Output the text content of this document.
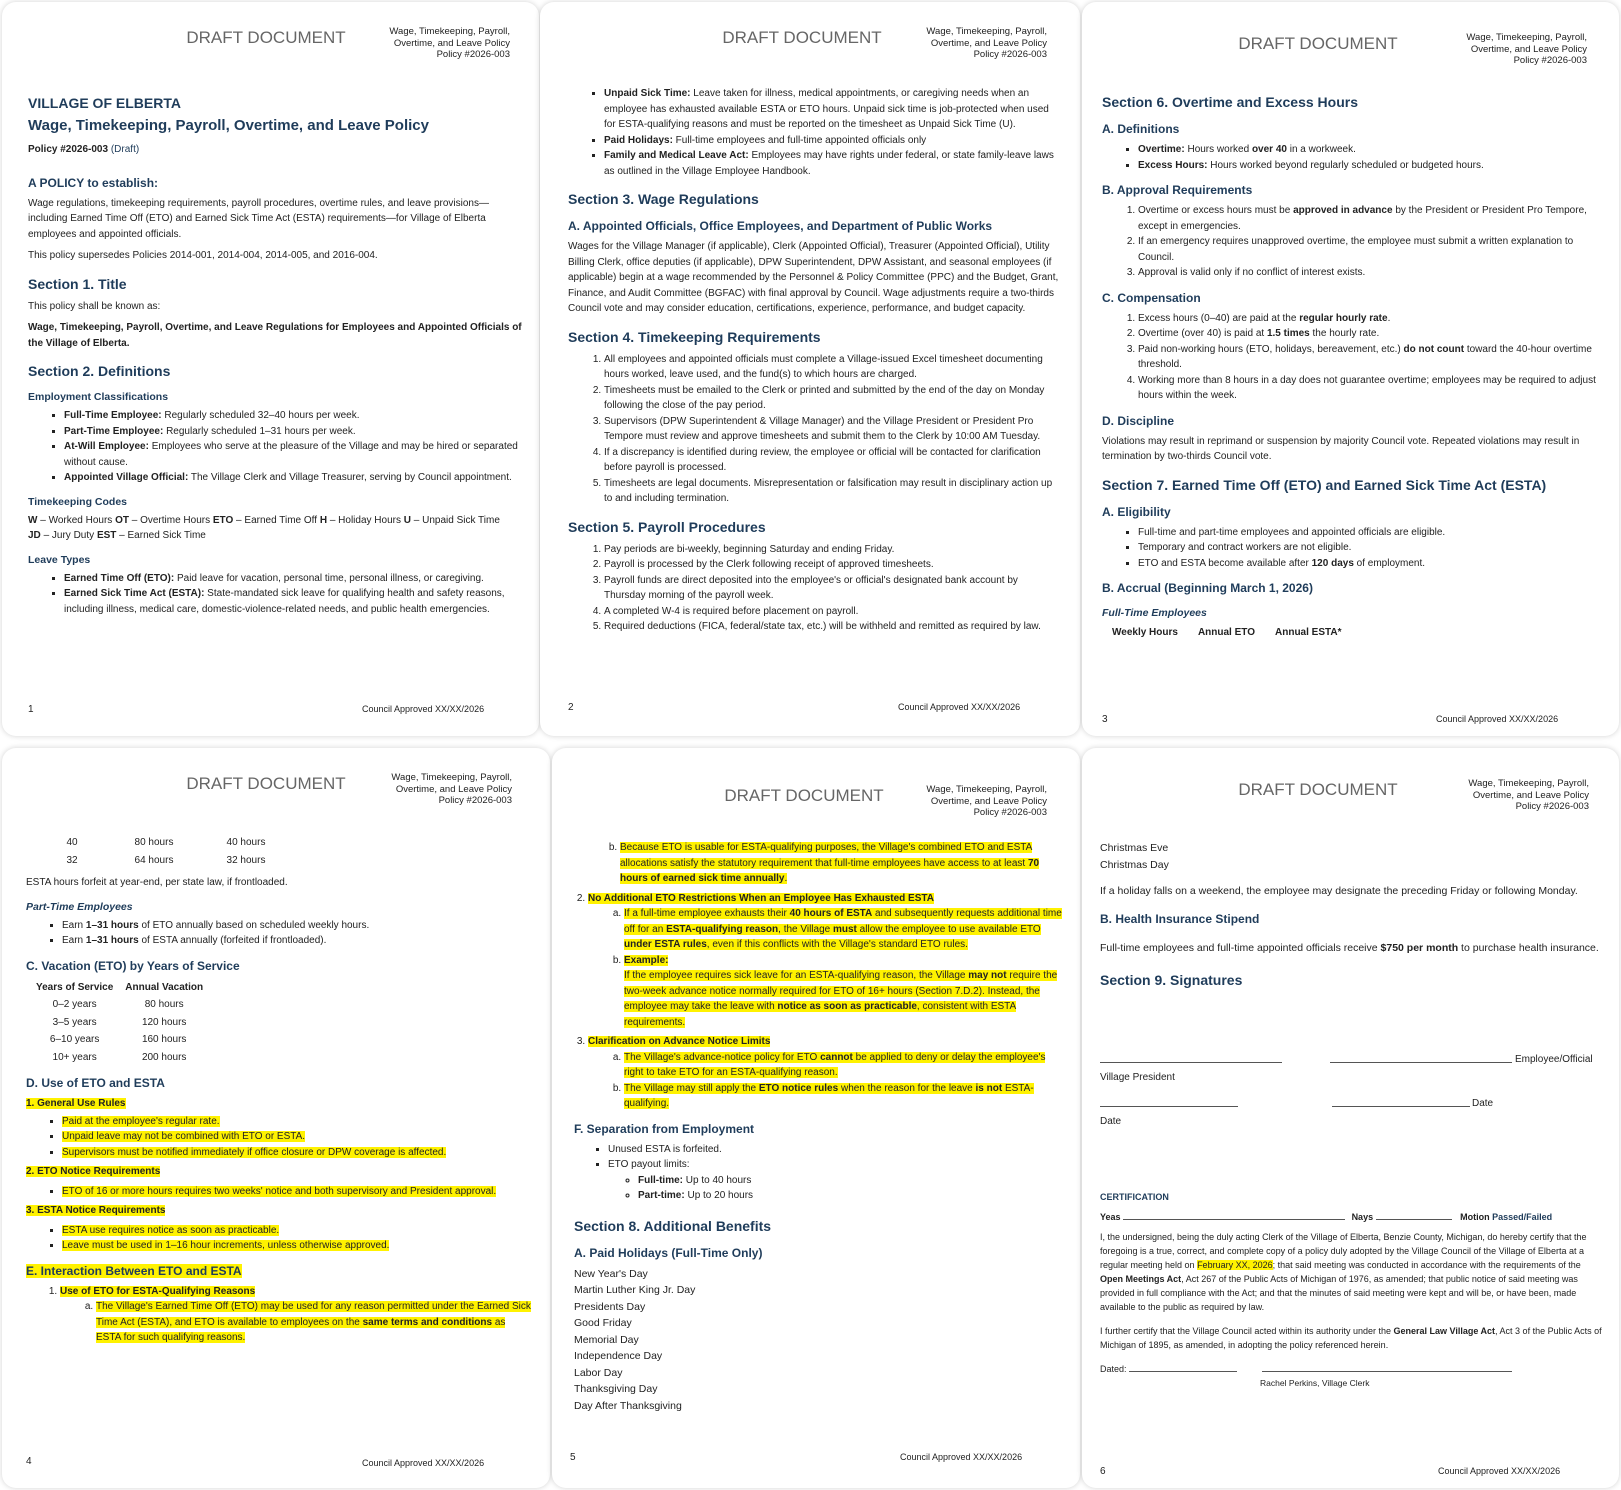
DRAFT DOCUMENT	Wage, Timekeeping, Payroll,
Overtime, and Leave Policy
Policy #2026-003
VILLAGE OF ELBERTA
Wage, Timekeeping, Payroll, Overtime, and Leave Policy

Policy #2026-003 (Draft)

A POLICY to establish:

Wage regulations, timekeeping requirements, payroll procedures, overtime rules, and leave provisions—including Earned Time Off (ETO) and Earned Sick Time Act (ESTA) requirements—for Village of Elberta employees and appointed officials.

This policy supersedes Policies 2014-001, 2014-004, 2014-005, and 2016-004.

Section 1. Title

This policy shall be known as:

Wage, Timekeeping, Payroll, Overtime, and Leave Regulations for Employees and Appointed Officials of the Village of Elberta.

Section 2. Definitions
Employment Classifications
▪ Full-Time Employee: Regularly scheduled 32–40 hours per week.
▪ Part-Time Employee: Regularly scheduled 1–31 hours per week.
▪ At-Will Employee: Employees who serve at the pleasure of the Village and may be hired or separated without cause.
▪ Appointed Village Official: The Village Clerk and Village Treasurer, serving by Council appointment.
Timekeeping Codes

W – Worked Hours OT – Overtime Hours ETO – Earned Time Off H – Holiday Hours U – Unpaid Sick Time
JD – Jury Duty EST – Earned Sick Time

Leave Types
▪ Earned Time Off (ETO): Paid leave for vacation, personal time, personal illness, or caregiving.
▪ Earned Sick Time Act (ESTA): State-mandated sick leave for qualifying health and safety reasons, including illness, medical care, domestic-violence-related needs, and public health emergencies.
1	Council Approved XX/XX/2026
DRAFT DOCUMENT	Wage, Timekeeping, Payroll,
Overtime, and Leave Policy
Policy #2026-003
▪ Unpaid Sick Time: Leave taken for illness, medical appointments, or caregiving needs when an employee has exhausted available ESTA or ETO hours. Unpaid sick time is job-protected when used for ESTA-qualifying reasons and must be reported on the timesheet as Unpaid Sick Time (U).
▪ Paid Holidays: Full-time employees and full-time appointed officials only
▪ Family and Medical Leave Act: Employees may have rights under federal, or state family-leave laws as outlined in the Village Employee Handbook.
Section 3. Wage Regulations
A. Appointed Officials, Office Employees, and Department of Public Works

Wages for the Village Manager (if applicable), Clerk (Appointed Official), Treasurer (Appointed Official), Utility Billing Clerk, office deputies (if applicable), DPW Superintendent, DPW Assistant, and seasonal employees (if applicable) begin at a wage recommended by the Personnel & Policy Committee (PPC) and the Budget, Grant, Finance, and Audit Committee (BGFAC) with final approval by Council. Wage adjustments require a two-thirds Council vote and may consider education, certifications, experience, performance, and budget capacity.

Section 4. Timekeeping Requirements
1. All employees and appointed officials must complete a Village-issued Excel timesheet documenting hours worked, leave used, and the fund(s) to which hours are charged.
2. Timesheets must be emailed to the Clerk or printed and submitted by the end of the day on Monday following the close of the pay period.
3. Supervisors (DPW Superintendent & Village Manager) and the Village President or President Pro Tempore must review and approve timesheets and submit them to the Clerk by 10:00 AM Tuesday.
4. If a discrepancy is identified during review, the employee or official will be contacted for clarification before payroll is processed.
5. Timesheets are legal documents. Misrepresentation or falsification may result in disciplinary action up to and including termination.
Section 5. Payroll Procedures
1. Pay periods are bi-weekly, beginning Saturday and ending Friday.
2. Payroll is processed by the Clerk following receipt of approved timesheets.
3. Payroll funds are direct deposited into the employee's or official's designated bank account by Thursday morning of the payroll week.
4. A completed W-4 is required before placement on payroll.
5. Required deductions (FICA, federal/state tax, etc.) will be withheld and remitted as required by law.
2	Council Approved XX/XX/2026
DRAFT DOCUMENT	Wage, Timekeeping, Payroll,
Overtime, and Leave Policy
Policy #2026-003
Section 6. Overtime and Excess Hours
A. Definitions
▪ Overtime: Hours worked over 40 in a workweek.
▪ Excess Hours: Hours worked beyond regularly scheduled or budgeted hours.
B. Approval Requirements
1. Overtime or excess hours must be approved in advance by the President or President Pro Tempore, except in emergencies.
2. If an emergency requires unapproved overtime, the employee must submit a written explanation to Council.
3. Approval is valid only if no conflict of interest exists.
C. Compensation
1. Excess hours (0–40) are paid at the regular hourly rate.
2. Overtime (over 40) is paid at 1.5 times the hourly rate.
3. Paid non-working hours (ETO, holidays, bereavement, etc.) do not count toward the 40-hour overtime threshold.
4. Working more than 8 hours in a day does not guarantee overtime; employees may be required to adjust hours within the week.
D. Discipline

Violations may result in reprimand or suspension by majority Council vote. Repeated violations may result in termination by two-thirds Council vote.

Section 7. Earned Time Off (ETO) and Earned Sick Time Act (ESTA)
A. Eligibility
▪ Full-time and part-time employees and appointed officials are eligible.
▪ Temporary and contract workers are not eligible.
▪ ETO and ESTA become available after 120 days of employment.
B. Accrual (Beginning March 1, 2026)
Full-Time Employees
Weekly Hours	Annual ETO	Annual ESTA*
3	Council Approved XX/XX/2026
DRAFT DOCUMENT	Wage, Timekeeping, Payroll,
Overtime, and Leave Policy
Policy #2026-003
40	80 hours	40 hours
32	64 hours	32 hours

ESTA hours forfeit at year-end, per state law, if frontloaded.

Part-Time Employees
▪ Earn 1–31 hours of ETO annually based on scheduled weekly hours.
▪ Earn 1–31 hours of ESTA annually (forfeited if frontloaded).
C. Vacation (ETO) by Years of Service
Years of Service	Annual Vacation
0–2 years	80 hours
3–5 years	120 hours
6–10 years	160 hours
10+ years	200 hours
D. Use of ETO and ESTA

1. General Use Rules

▪ Paid at the employee's regular rate.
▪ Unpaid leave may not be combined with ETO or ESTA.
▪ Supervisors must be notified immediately if office closure or DPW coverage is affected.

2. ETO Notice Requirements

▪ ETO of 16 or more hours requires two weeks' notice and both supervisory and President approval.

3. ESTA Notice Requirements

▪ ESTA use requires notice as soon as practicable.
▪ Leave must be used in 1–16 hour increments, unless otherwise approved.
E. Interaction Between ETO and ESTA
1. Use of ETO for ESTA-Qualifying Reasons
a. The Village's Earned Time Off (ETO) may be used for any reason permitted under the Earned Sick Time Act (ESTA), and ETO is available to employees on the same terms and conditions as ESTA for such qualifying reasons.
4	Council Approved XX/XX/2026
DRAFT DOCUMENT	Wage, Timekeeping, Payroll,
Overtime, and Leave Policy
Policy #2026-003
b. Because ETO is usable for ESTA-qualifying purposes, the Village's combined ETO and ESTA allocations satisfy the statutory requirement that full-time employees have access to at least 70 hours of earned sick time annually.
2. No Additional ETO Restrictions When an Employee Has Exhausted ESTA
a. If a full-time employee exhausts their 40 hours of ESTA and subsequently requests additional time off for an ESTA-qualifying reason, the Village must allow the employee to use available ETO under ESTA rules, even if this conflicts with the Village's standard ETO rules.
b. Example:
If the employee requires sick leave for an ESTA-qualifying reason, the Village may not require the two-week advance notice normally required for ETO of 16+ hours (Section 7.D.2). Instead, the employee may take the leave with notice as soon as practicable, consistent with ESTA requirements.
3. Clarification on Advance Notice Limits
a. The Village's advance-notice policy for ETO cannot be applied to deny or delay the employee's right to take ETO for an ESTA-qualifying reason.
b. The Village may still apply the ETO notice rules when the reason for the leave is not ESTA-qualifying.
F. Separation from Employment
▪ Unused ESTA is forfeited.
▪ ETO payout limits:
◦ Full-time: Up to 40 hours
◦ Part-time: Up to 20 hours
Section 8. Additional Benefits
A. Paid Holidays (Full-Time Only)
New Year's Day
Martin Luther King Jr. Day
Presidents Day
Good Friday
Memorial Day
Independence Day
Labor Day
Thanksgiving Day
Day After Thanksgiving
5	Council Approved XX/XX/2026
DRAFT DOCUMENT	Wage, Timekeeping, Payroll,
Overtime, and Leave Policy
Policy #2026-003
Christmas Eve
Christmas Day

If a holiday falls on a weekend, the employee may designate the preceding Friday or following Monday.

B. Health Insurance Stipend

Full-time employees and full-time appointed officials receive $750 per month to purchase health insurance.

Section 9. Signatures
Employee/Official
Village President
Date
Date
CERTIFICATION
Yeas	Nays	Motion Passed/Failed

I, the undersigned, being the duly acting Clerk of the Village of Elberta, Benzie County, Michigan, do hereby certify that the foregoing is a true, correct, and complete copy of a policy duly adopted by the Village Council of the Village of Elberta at a regular meeting held on February XX, 2026; that said meeting was conducted in accordance with the requirements of the Open Meetings Act, Act 267 of the Public Acts of Michigan of 1976, as amended; that public notice of said meeting was provided in full compliance with the Act; and that the minutes of said meeting were kept and will be, or have been, made available to the public as required by law.

I further certify that the Village Council acted within its authority under the General Law Village Act, Act 3 of the Public Acts of Michigan of 1895, as amended, in adopting the policy referenced herein.

Dated:
Rachel Perkins, Village Clerk
6	Council Approved XX/XX/2026
